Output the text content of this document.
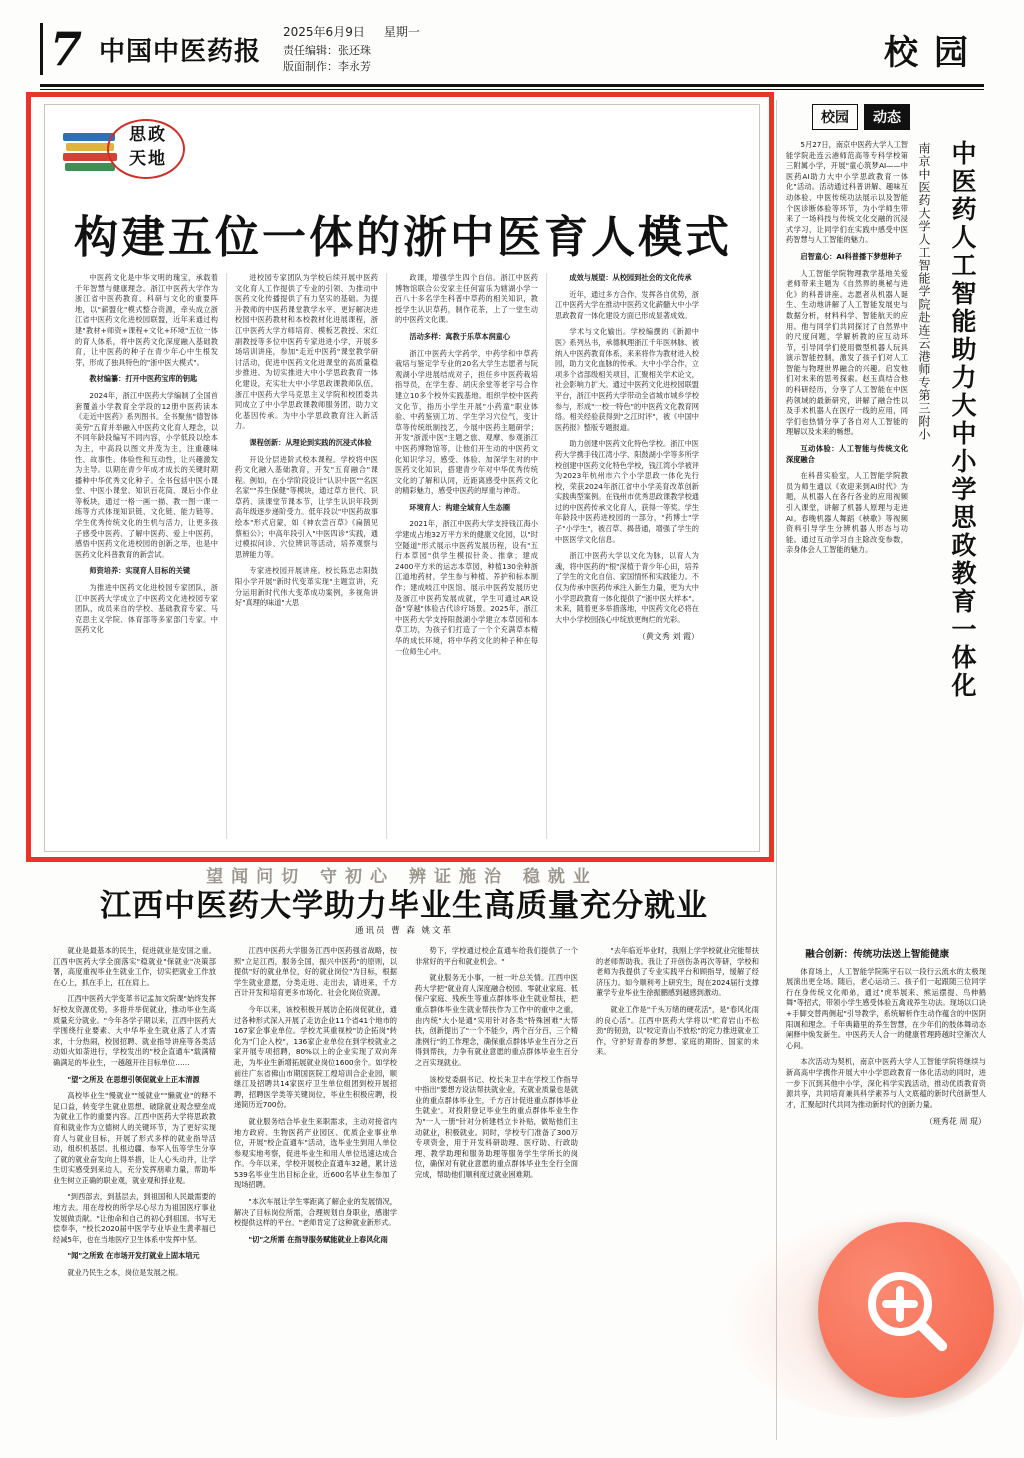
7 中国中医药报
2025年6月9日 星期一
责任编辑：张还珠
版面制作：李永芳	校园
思政
天地
构建五位一体的浙中医育人模式

中医药文化是中华文明的瑰宝，承载着千年智慧与健康理念。浙江中医药大学作为浙江省中医药教育、科研与文化的重要阵地，以"薪盟化"模式整合资源，牵头成立浙江省中医药文化进校园联盟，近年来通过构建"教材+师资+课程+文化+环境"五位一体的育人体系，将中医药文化深度融入基础教育，让中医药的种子在青少年心中生根发芽，形成了独具特色的"浙中医大模式"。

教材编纂：打开中医药宝库的钥匙

2024年，浙江中医药大学编制了全国首套覆盖小学教育全学段的12册中医药读本《走近中医药》系列图书。全书聚焦"德智体美劳"五育并举融入中医药文化育人理念，以不同年龄段编写不同内容，小学低段以绘本为主，中高段以图文并茂为主，注重趣味性、故事性、体验性和互动性，让兴趣激发为主导。以期在青少年成才成长的关键时期播种中华优秀文化种子。全书包括中医小课堂、中医小课堂、知识百花筒、课后小作业等板块，通过一格一画一描、教一图一课一练等方式体现知识链、文化链、能力链等。学生优秀传统文化的生机与活力，让更多孩子感受中医药、了解中医药、爱上中医药，感悟中医药文化进校园的创新之举，也是中医药文化科普教育的新尝试。

师资培养：实现育人目标的关键

为推进中医药文化进校园专家团队，浙江中医药大学成立了中医药文化进校园专家团队，成员来自的学校、基础教育专家、马克思主义学院、体育部等多家部门专家。中医药文化

进校园专家团队为学校后续开展中医药文化育人工作提供了专业的引领、为推动中医药文化传播提供了有力坚实的基础。为提升教师的中医药课堂教学水平、更好解决进校园中医药教材和本校教材化进展课程，浙江中医药大学方师培育、模板艺教授、宋红副教授等多位中医药专家进进小学，开展多场培训讲座，参加"走近中医药"课堂教学研讨活动，促进中医药文化进课堂的高质量稳步推进。为切实推进大中小学思政教育一体化建设，充实壮大中小学思政课教师队伍，浙江中医药大学马克思主义学院和校团委共同成立了中小学思政课教师服务团，助力文化基因传承。为中小学思政教育注入新活力。

课程创新：从理论到实践的沉浸式体验

开设分层进阶式校本课程。学校将中医药文化融入基础教育，开发"五育融合"课程。例如，在小学阶段设计"认识中医""名医名家""养生保健"等模块，通过草方世代、识草药、读课堂节课本节，让学生认识年段到高年级逐步递阶受力。低年段以"中医药故事绘本"形式启蒙，如《神农尝百草》《扁鹊见蔡桓公》；中高年段引入"中医四诊"实践，通过模拟问诊、穴位辨识等活动，培养观察与思辨能力等。

专家进校园开展讲座。校长陈忠志阳鼓阳小学开展"新时代变革实现"主题宣讲，充分运用新时代伟大变革成功案例，多视角讲好"真理的味道"大思

政课，增强学生四个自信。浙江中医药博物馆联合公安家主任何富乐为辖湖小学一百八十多名学生科普中草药的相关知识，教授学生认识草药，制作花茶，上了一堂生动的中医药文化课。

活动多样：寓教于乐草本润童心

浙江中医药大学药学、中药学和中草药栽培与鉴定学专业的20名大学生志愿者与阮观湖小学进展结成对子，担任乡中医药栽培指导员，在学生春、胡庆余堂等老字号合作建立10多个校外实践基地。组织学校中医药文化节，指历小学生开展"小药童"职业体验、中药鉴别工坊、学生学习穴位气，变计草等传统纸制技艺，今展中医药主题研学；开发"浙派中医"主题之旅、观摩、参观浙江中医药博物馆等，让他们开生动的中医药文化知识学习，感受、体验、加深学生对的中医药文化知识，搭建青少年对中华优秀传统文化的了解和认同，近距离感受中医药文化的精彩魅力，感受中医药的厚重与神奇。

环境育人：构建全域育人生态圈

2021年，浙江中医药大学支持钱江海小学建成占地32万平方米的健康文化园，以"时空隧道"形式展示中医药发展历程，设有"五行本草园"供学生模拟针灸、推拿；建成2400平方米的运志本草园，种植130余种浙江道地药材，学生参与种植、养护和标本制作；建成岐江中医馆、展示中医药发展历史及浙江中医药发展成就，学生可通过AR设备"穿越"体验古代诊疗场景。2025年，浙江中医药大学支持阳鼓湖小学建立本草园和本草工坊，为孩子们打造了一个个充满草本精华的成长环境，将中华药文化的种子种在每一位师生心中。

成效与展望：从校园到社会的文化传承

近年，通过多方合作、发挥各自优势，浙江中医药大学在推动中医药文化薪髓大中小学思政教育一体化建设方面已形成显著成效。

学术与文化输出。学校编撰的《新源中医》系列丛书，承德枫理浙江千年医林脉、被纳入中医药教育体系，来来将作为教材进入校园，助力文化血脉的传承。大中小学合作，立项多个省部级相关项目，汇聚相关学术论文，社会影响力扩大。通过中医药文化进校园联盟平台，浙江中医药大学带动全省城市城乡学校参与，形成"一校一特色"的中医药文化教育网络。相关经验获得到"之江时评"，被《中国中医药报》整版专题报道。

助力创建中医药文化特色学校。浙江中医药大学携手钱江湾小学、阳鼓湖小学等多所学校创建中医药文化特色学校，钱江湾小学被评为2023年杭州市六个小学思政一体化先行校，荣获2024年浙江省中小学美育改革创新实践典型案例。在钱州市优秀思政课教学校通过的中医药传承文化育人，获得一等奖。学生年龄段中医药进校园的一部分，"药博士"学子"小学生"，被召草、揭普通，增强了学生的中医医学文化信息。

浙江中医药大学以文化为脉，以育人为魂，将中医药的"根"深植于青少年心田，培养了学生的文化自信、家国情怀和实践能力。不仅为传承中医药传承注入新生力量，更为大中小学思政教育一体化提供了"浙中医大样本"。未来，随着更多举措落地，中医药文化必将在大中小学校园孩心中绽放更绚烂的光彩。

（黄文秀 刘 霞）
校园	动态
中医药人工智能助力大中小学思政教育一体化
南京中医药大学人工智能学院赴连云港师专第三附小

5月27日，南京中医药大学人工智能学院赴连云港师范高等专科学校第三附属小学，开展"童心筑梦AI——中医药AI助力大中小学思政教育一体化"活动。活动通过科普讲解、趣味互动体验、中医传统功法展示以及智能个医诊断体验等环节，为小学师生带来了一场科技与传统文化交融的沉浸式学习，让同学们在实践中感受中医药智慧与人工智能的魅力。

启智童心：AI科普播下梦想种子

人工智能学院物理教学基地关爱老师带来主题为《自然界的奥秘与进化》的科普讲座。志愿者从机器人诞生、生动地讲解了人工智能发展史与数据分析，材料科学、智能航天的应用。他与同学们共同探讨了自然界中的尺度问题，学解析教的应互动环节，引导同学们使用微型机器人玩具演示智能控制，激发了孩子们对人工智能与物理世界融合的兴趣。启发他们对未来的思考探索。赵玉真结合他的科研经历，分享了人工智能在中医药领域的最新研究，讲解了融合性以及手术机器人在医疗一线的应用，同学们也热情分享了各自对人工智能的理解以及未来的畅想。

互动体验：人工智能与传统文化深度融合

在科普实验室，人工智能学院教员为师生通以《欢迎来到AI时代》为题，从机器人在各行各业的应用视频引入课堂，讲解了机器人原理与走进AI。春晚机器人舞蹈《秧歌》等视频资料引导学生分辨机器人形态与功能。通过互动学习自主除改变参数，亲身体会人工智能的魅力。

望闻问切 守初心 辨证施治 稳就业
江西中医药大学助力毕业生高质量充分就业
通讯员 曹 森 姚文革

就业是最基本的民生，促进就业是安国之重。江西中医药大学全面落实"稳就业"保就业"决策部署，高度重视毕业生就业工作，切实把就业工作放在心上，抓在手上，扛在肩上。

江西中医药大学变革书记孟加文院课"始终发挥好校友资源优势，多措并举促就业，推动毕业生高质量充分就业。"今年各学子期以来，江西中医药大学围绕行业要素、大中华毕业生就业落了人才需求，十分热闹，校园招聘、就业指导讲座等各类活动如火如荼进行，学校发出的"校企直通车"载满精确满足的毕业生，一越越开往目标单位……

"望"之所及 在思想引领促就业上正本清源

高校毕业生"慢就业""缓就业""懒就业"的释不足口益，转变学生就业思想、破除就业观念壁垒成为就业工作的重要内容。江西中医药大学将思政教育和就业作为立德树人的关键环节，为了更好实现育人与就业目标，开展了形式多样的就业指导活动，组织机基层、扎根边疆、参军入伍等学生分享了就的就业奋发向上得举措，让人心头动并，让学生切实感受到来边人，充分发挥朋辈力量，帮助毕业生树立正确的职业观，就业观和择业观。

"到西部去，到基层去，到祖国和人民最需要的地方去。用在母校的所学尽心尽力为祖国医疗事业发展做贡献。"让他命和自己的初心到祖国、书写无偿奉李，"校长2020届中医学专业毕业生黄孝福已经减5年，也在当地医疗卫生体系中发挥中坚。

"闻"之所致 在市场开发打就业上固本培元

就业乃民生之本，岗位是发展之根。

江西中医药大学服务江西中医药强省战略，按照"立足江西，服务全国，振兴中医药"的原则，以提供"好的就业单位，好的就业岗位"为目标，根据学生就业意愿，分类走进、走出去，请进来，千方百计开发和培育更多市场化、社会化岗位资源。

今年以来，该校积极开展访企拓岗促就业，通过各种形式深入开展了走访企业11个省41个地市的167家企事业单位。学校尤其重视校"访企拓岗"转化为"门企入校"，136家企业单位在到学校就业之家开展专项招聘，80%以上的企业实现了双向奔赴，为毕业生新增拓展就业岗位1600余个。如学校前往广东省佛山市期国医院工煌培训合企业园，顺继江及招聘共14家医疗卫生单位组团到校开展招聘，招聘医学类等关键岗位，毕业生积极应聘，投递简历近700份。

就业服务结合毕业生来职需求，主动对接省内地方政府、生物医药产业园区、优质企业事业单位，开展"校企直通车"活动，选毕业生到用人单位参观实地考察，促进毕业生和用人单位迅速达成合作。今年以来，学校开展校企直通车32趟，累计送539名毕业生出目标企业，近600名毕业生参加了现场招聘。

"本次车展让学生零距离了解企业的发展情况，解决了目标岗位所需，合理规划自身职业，感谢学校提供这样的平台。"老师肯定了这种就业新形式。

"切"之所需 在指导服务赋能就业上春风化雨

势下，学校通过校企直通车给我们提供了一个非常好的平台和就业机会。"

就业服务无小事，一桩一叶总关情。江西中医药大学把"就业育人深度融合校园、零就业家庭、低保户家庭、残疾生等重点群体毕业生就业帮扶，把重点群体毕业生就业帮扶作为工作中的重中之重，由内统"大小是通"实用针对各类"特殊困难"大帮扶，创新提出了"一个不能少，两个百分百，三个精准例行"的工作理念，确保重点群体毕业生百分之百得到帮扶，力争有就业意愿的重点群体毕业生百分之百实现就业。

该校党委副书记、校长朱卫丰在学校工作指导中指出"要想方设法帮扶就业业，充就业质量也是就业的重点群体毕业生，千方百计促进重点群体毕业生就业'。对投附登记毕业生的重点群体毕业生作为"一人一册"针对分析建档立卡补贴，做贴他们主动就业，积极就业。同时，学校专门准备了300万专项资金，用于开发科研助理、医疗助、行政助理、教学助理和服务助理等服务学生学所长的岗位，确保对有就业意愿的重点群体毕业生全行全面完成，帮助他们顺利度过就业困难期。

"去年临近毕业时，我刚上学学校就业完能帮扶的老师帮助我。我让了开创伤条再次等研，学校和老师为我提供了专业实践平台和顾指导，缓解了经济压力。如今顺利考上研究生，现在2024届行支撑董学专业毕业生徐振鹏感到越感到激动。

就业工作是"千头万绪的硬花活"，是"春风化雨的良心活"。江西中医药大学将以"贮育岩山不松劲"的韧劲，以"咬定青山不放松"的定力推进就业工作，守护好青春的梦想、家庭的期盼、国家的未来。

融合创新：传统功法送上智能健康

体育场上，人工智能学院陈宇石以一段行云流水的太极现展演出更全场。随后，老心运动三、孩子们一起跟随三位同学行在身传统文化师弟，通过"虎举展来、熊运摆提、鸟伸鹤舞"等招式，带领小学生感受体验五禽戏养生功法。现场以口诀+手脚交替两侧起"引导教学，系统解析作生动作蕴含的中医阴阳调和理念。千年典籍里的养生智慧，在少年们的肢体舞动态阐释中焕发新生。中医药天人合一的健康哲理跨越时空渐次人心间。

本次活动为契机，南京中医药大学人工智能学院将继续与新高高中学携作开展大中小学思政教育一体化活动的同时，进一步下沉到其他中小学，深化科学实践活动，推动优质教育资源共享，共同培育兼具科学素养与人文底蕴的新时代创新型人才，汇聚起时代共同为推动新时代的创新力量。

（班秀花 周 琨）
